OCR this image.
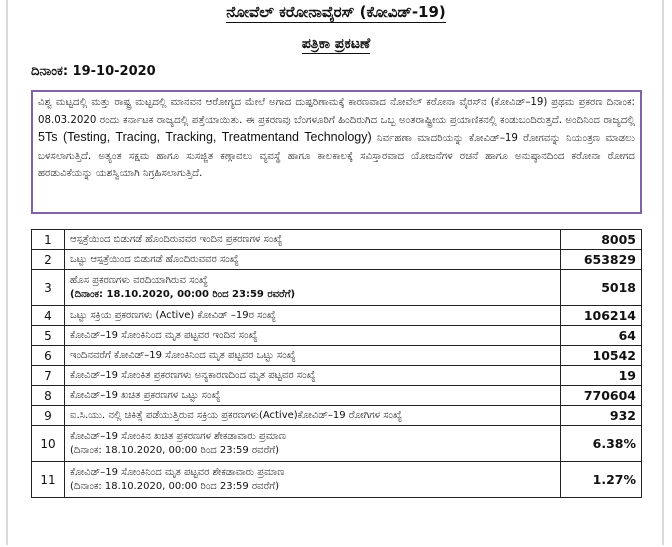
ನೋವೆಲ್ ಕರೋನಾವೈರಸ್ (ಕೋವಿಡ್-19)
ಪತ್ರಿಕಾ ಪ್ರಕಟಣೆ
ದಿನಾಂಕ: 19-10-2020
ವಿಶ್ವ ಮಟ್ಟದಲ್ಲಿ ಮತ್ತು ರಾಷ್ಟ್ರ ಮಟ್ಟದಲ್ಲಿ ಮಾನವನ ಆರೋಗ್ಯದ ಮೇಲೆ ಅಗಾದ ದುಷ್ಪರಿಣಾಮಕ್ಕೆ ಕಾರಣವಾದ ನೋವೆಲ್ ಕರೋನಾ ವೈರಸ್‍ನ (ಕೋವಿಡ್–19) ಪ್ರಥಮ ಪ್ರಕರಣ ದಿನಾಂಕ: 08.03.2020 ರಂದು ಕರ್ನಾಟಕ ರಾಜ್ಯದಲ್ಲಿ ಪತ್ತೆಯಾಯಿತು. ಈ ಪ್ರಕರಣವು ಬೆಂಗಳೂರಿಗೆ ಹಿಂದಿರುಗಿದ ಒಬ್ಬ ಅಂತರಾಷ್ಟ್ರೀಯ ಪ್ರಯಾಣಿಕನಲ್ಲಿ ಕಂಡುಬಂದಿರುತ್ತದೆ. ಅಂದಿನಿಂದ ರಾಜ್ಯದಲ್ಲಿ 5Ts (Testing, Tracing, Tracking, Treatmentand Technology) ನಿರ್ವಹಣಾ ಮಾದರಿಯನ್ನು ಕೋವಿಡ್–19 ರೋಗವನ್ನು ನಿಯಂತ್ರಣ ಮಾಡಲು ಬಳಸಲಾಗುತ್ತಿದೆ. ಅತ್ಯಂತ ಸಕ್ಷಮ ಹಾಗೂ ಸುಸಜ್ಜಿತ ಕಣ್ಗಾವಲು ವ್ಯವಸ್ಥೆ ಹಾಗೂ ಕಾಲಕಾಲಕ್ಕೆ ಸವಿಸ್ತಾರವಾದ ಯೋಜನೆಗಳ ರಚನೆ ಹಾಗೂ ಅನುಷ್ಠಾನದಿಂದ ಕರೋನಾ ರೋಗದ ಹರಡುವಿಕೆಯನ್ನು ಯಶಸ್ವಿಯಾಗಿ ನಿಗ್ರಹಿಸಲಾಗುತ್ತಿದೆ.
1	ಆಸ್ಪತ್ರೆಯಿಂದ ಬಿಡುಗಡೆ ಹೊಂದಿರುವವರ ಇಂದಿನ ಪ್ರಕರಣಗಳ ಸಂಖ್ಯೆ	8005
2	ಒಟ್ಟು ಆಸ್ಪತ್ರೆಯಿಂದ ಬಿಡುಗಡೆ ಹೊಂದಿರುವವರ ಸಂಖ್ಯೆ	653829
3	ಹೊಸ ಪ್ರಕರಣಗಳು ವರದಿಯಾಗಿರುವ ಸಂಖ್ಯೆ
(ದಿನಾಂಕ: 18.10.2020, 00:00 ರಿಂದ 23:59 ರವರೆಗೆ)	5018
4	ಒಟ್ಟು ಸಕ್ರಿಯ ಪ್ರಕರಣಗಳು (Active) ಕೋವಿಡ್ –19ರ ಸಂಖ್ಯೆ	106214
5	ಕೋವಿಡ್–19 ಸೋಂಕಿನಿಂದ ಮೃತ ಪಟ್ಟವರ ಇಂದಿನ ಸಂಖ್ಯೆ	64
6	ಇಂದಿನವರೆಗೆ ಕೋವಿಡ್–19 ಸೋಂಕಿನಿಂದ ಮೃತ ಪಟ್ಟವರ ಒಟ್ಟು ಸಂಖ್ಯೆ	10542
7	ಕೋವಿಡ್–19 ಸೋಂಕಿತ ಪ್ರಕರಣಗಳು ಅನ್ಯಕಾರಣದಿಂದ ಮೃತ ಪಟ್ಟವರ ಸಂಖ್ಯೆ	19
8	ಕೋವಿಡ್–19 ಖಚಿತ ಪ್ರಕರಣಗಳ ಒಟ್ಟು ಸಂಖ್ಯೆ	770604
9	ಐ.ಸಿ.ಯು. ನಲ್ಲಿ ಚಿಕಿತ್ಸೆ ಪಡೆಯುತ್ತಿರುವ ಸಕ್ರಿಯ ಪ್ರಕರಣಗಳು(Active)ಕೋವಿಡ್–19 ರೋಗಿಗಳ ಸಂಖ್ಯೆ	932
10	ಕೋವಿಡ್–19 ಸೋಂಕಿನ ಖಚಿತ ಪ್ರಕರಣಗಳ ಶೇಕಡಾವಾರು ಪ್ರಮಾಣ
(ದಿನಾಂಕ: 18.10.2020, 00:00 ರಿಂದ 23:59 ರವರೆಗೆ)	6.38%
11	ಕೋವಿಡ್–19 ಸೋಂಕಿನಿಂದ ಮೃತ ಪಟ್ಟವರ ಶೇಕಡಾವಾರು ಪ್ರಮಾಣ
(ದಿನಾಂಕ: 18.10.2020, 00:00 ರಿಂದ 23:59 ರವರೆಗೆ)	1.27%
